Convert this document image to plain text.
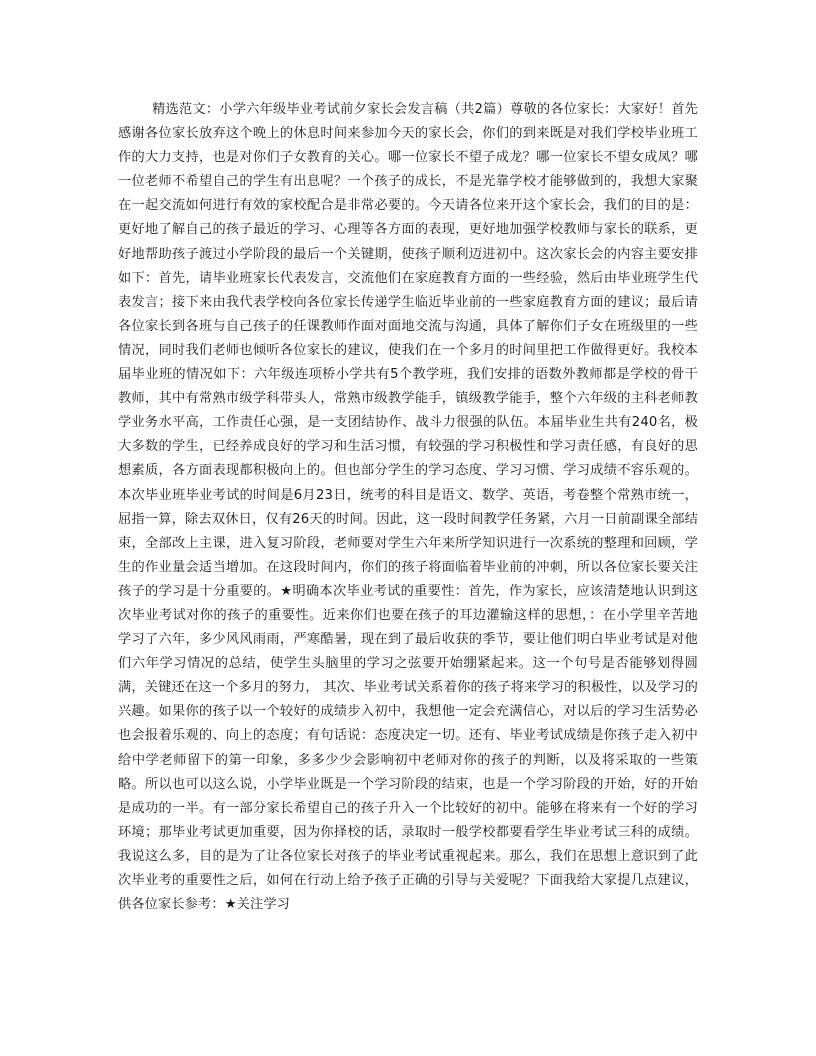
精选范文：小学六年级毕业考试前夕家长会发言稿（共2篇）尊敬的各位家长：大家好！首先感谢各位家长放弃这个晚上的休息时间来参加今天的家长会，你们的到来既是对我们学校毕业班工作的大力支持，也是对你们子女教育的关心。哪一位家长不望子成龙？哪一位家长不望女成凤？哪一位老师不希望自己的学生有出息呢？一个孩子的成长，不是光靠学校才能够做到的，我想大家聚在一起交流如何进行有效的家校配合是非常必要的。今天请各位来开这个家长会，我们的目的是：更好地了解自己的孩子最近的学习、心理等各方面的表现，更好地加强学校教师与家长的联系，更好地帮助孩子渡过小学阶段的最后一个关键期，使孩子顺利迈进初中。这次家长会的内容主要安排如下：首先，请毕业班家长代表发言，交流他们在家庭教育方面的一些经验，然后由毕业班学生代表发言；接下来由我代表学校向各位家长传递学生临近毕业前的一些家庭教育方面的建议；最后请各位家长到各班与自己孩子的任课教师作面对面地交流与沟通，具体了解你们子女在班级里的一些情况，同时我们老师也倾听各位家长的建议，使我们在一个多月的时间里把工作做得更好。我校本届毕业班的情况如下：六年级连项桥小学共有5个教学班，我们安排的语数外教师都是学校的骨干教师，其中有常熟市级学科带头人，常熟市级教学能手，镇级教学能手，整个六年级的主科老师教学业务水平高，工作责任心强，是一支团结协作、战斗力很强的队伍。本届毕业生共有240名，极大多数的学生，已经养成良好的学习和生活习惯，有较强的学习积极性和学习责任感，有良好的思想素质，各方面表现都积极向上的。但也部分学生的学习态度、学习习惯、学习成绩不容乐观的。本次毕业班毕业考试的时间是6月23日，统考的科目是语文、数学、英语，考卷整个常熟市统一，屈指一算，除去双休日，仅有26天的时间。因此，这一段时间教学任务紧，六月一日前副课全部结束，全部改上主课，进入复习阶段，老师要对学生六年来所学知识进行一次系统的整理和回顾，学生的作业量会适当增加。在这段时间内，你们的孩子将面临着毕业前的冲刺，所以各位家长要关注孩子的学习是十分重要的。★明确本次毕业考试的重要性：首先，作为家长，应该清楚地认识到这次毕业考试对你的孩子的重要性。近来你们也要在孩子的耳边灌输这样的思想，：在小学里辛苦地学习了六年，多少风风雨雨，严寒酷暑，现在到了最后收获的季节，要让他们明白毕业考试是对他们六年学习情况的总结，使学生头脑里的学习之弦要开始绷紧起来。这一个句号是否能够划得圆满，关键还在这一个多月的努力， 其次、毕业考试关系着你的孩子将来学习的积极性，以及学习的兴趣。如果你的孩子以一个较好的成绩步入初中，我想他一定会充满信心，对以后的学习生活势必也会报着乐观的、向上的态度；有句话说：态度决定一切。还有、毕业考试成绩是你孩子走入初中给中学老师留下的第一印象，多多少少会影响初中老师对你的孩子的判断，以及将采取的一些策略。所以也可以这么说，小学毕业既是一个学习阶段的结束，也是一个学习阶段的开始，好的开始是成功的一半。有一部分家长希望自己的孩子升入一个比较好的初中。能够在将来有一个好的学习环境；那毕业考试更加重要，因为你择校的话，录取时一般学校都要看学生毕业考试三科的成绩。我说这么多，目的是为了让各位家长对孩子的毕业考试重视起来。那么，我们在思想上意识到了此次毕业考的重要性之后，如何在行动上给予孩子正确的引导与关爱呢？下面我给大家提几点建议，供各位家长参考：★关注学习
